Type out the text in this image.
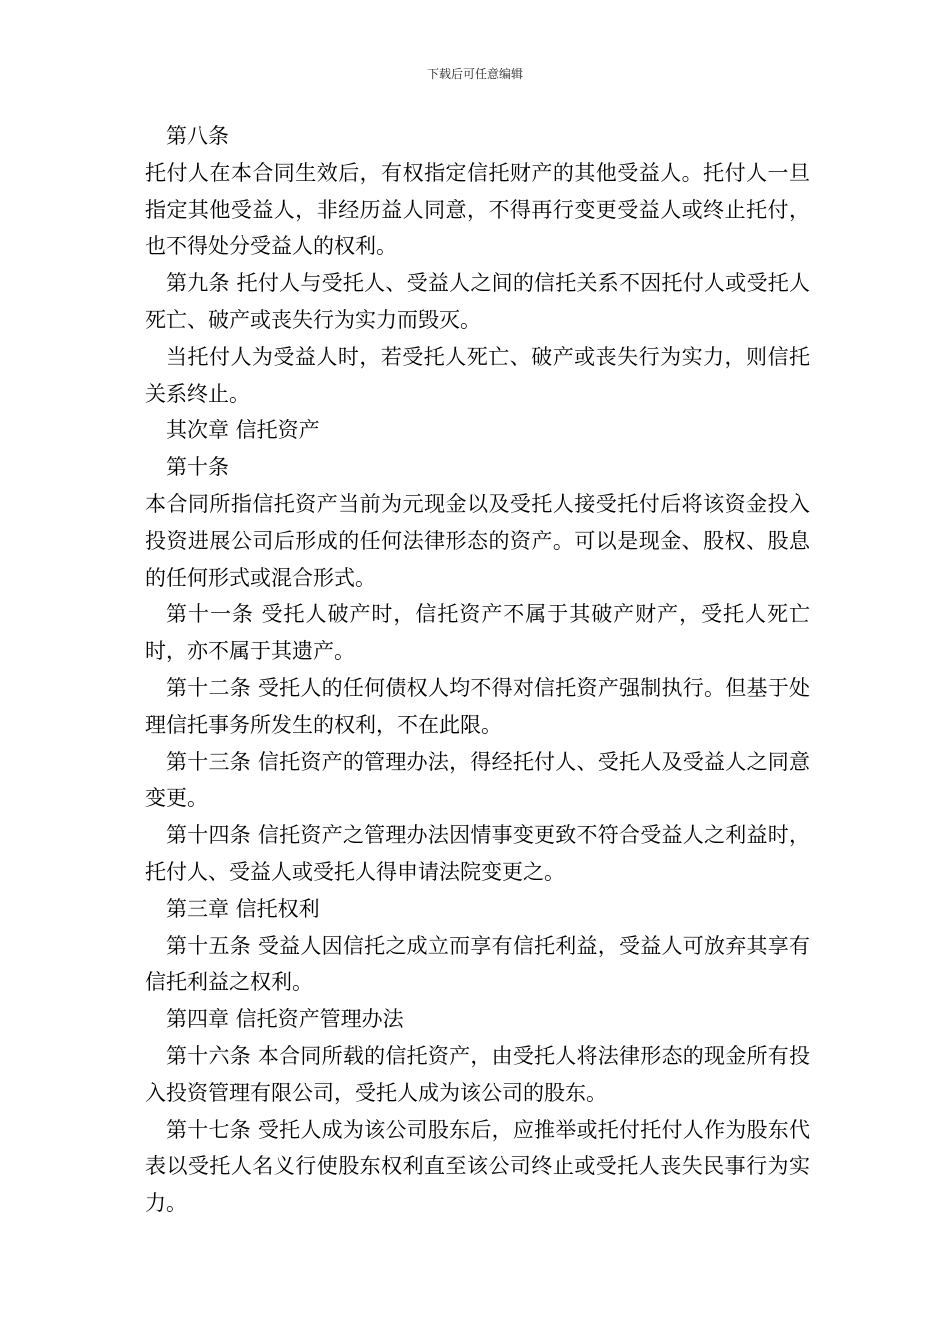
下载后可任意编辑

第八条

托付人在本合同生效后，有权指定信托财产的其他受益人。托付人一旦指定其他受益人，非经历益人同意，不得再行变更受益人或终止托付，也不得处分受益人的权利。

第九条 托付人与受托人、受益人之间的信托关系不因托付人或受托人死亡、破产或丧失行为实力而毁灭。

当托付人为受益人时，若受托人死亡、破产或丧失行为实力，则信托关系终止。

其次章 信托资产

第十条

本合同所指信托资产当前为元现金以及受托人接受托付后将该资金投入投资进展公司后形成的任何法律形态的资产。可以是现金、股权、股息的任何形式或混合形式。

第十一条 受托人破产时，信托资产不属于其破产财产，受托人死亡时，亦不属于其遗产。

第十二条 受托人的任何债权人均不得对信托资产强制执行。但基于处理信托事务所发生的权利，不在此限。

第十三条 信托资产的管理办法，得经托付人、受托人及受益人之同意变更。

第十四条 信托资产之管理办法因情事变更致不符合受益人之利益时，托付人、受益人或受托人得申请法院变更之。

第三章 信托权利

第十五条 受益人因信托之成立而享有信托利益，受益人可放弃其享有信托利益之权利。

第四章 信托资产管理办法

第十六条 本合同所载的信托资产，由受托人将法律形态的现金所有投入投资管理有限公司，受托人成为该公司的股东。

第十七条 受托人成为该公司股东后，应推举或托付托付人作为股东代表以受托人名义行使股东权利直至该公司终止或受托人丧失民事行为实力。
